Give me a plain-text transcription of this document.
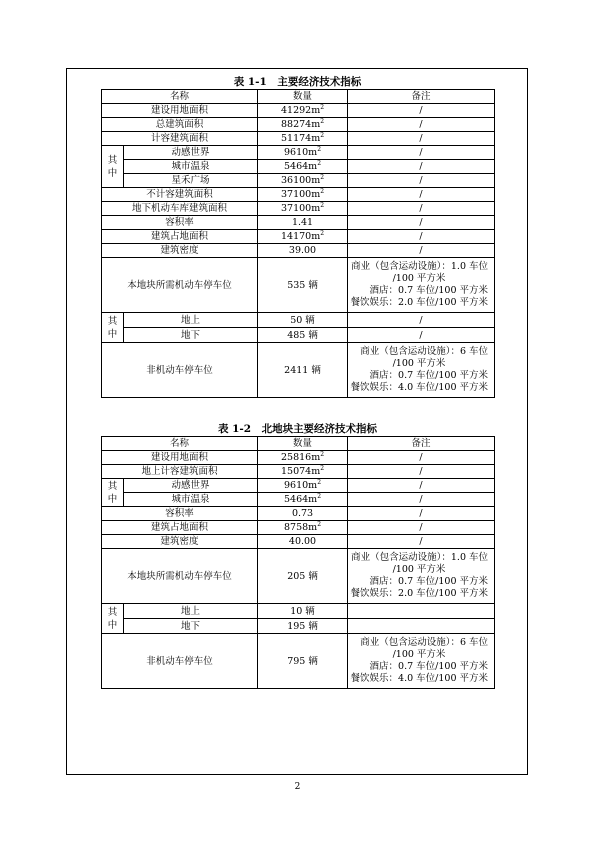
表 1-1　主要经济技术指标
名称		数量	备注
建设用地面积		$41292m^2$	/
总建筑面积		$88274m^2$	/
计容建筑面积		$51174m^2$	/
其
中	动感世界	$9610m^2$	/
	城市温泉	$5464m^2$	/
	星禾广场	$36100m^2$	/
不计容建筑面积		$37100m^2$	/
地下机动车库建筑面积		$37100m^2$	/
容积率		1.41	/
建筑占地面积		$14170m^2$	/
建筑密度		39.00	/
本地块所需机动车停车位		535 辆	商业（包含运动设施）：1.0 车位
/100 平方米
酒店：0.7 车位/100 平方米
餐饮娱乐：2.0 车位/100 平方米

其
中	地上	50 辆	/
	地下	485 辆	/
非机动车停车位		2411 辆	商业（包含运动设施）：6 车位
/100 平方米
酒店：0.7 车位/100 平方米
餐饮娱乐：4.0 车位/100 平方米
表 1-2　北地块主要经济技术指标
名称		数量	备注
建设用地面积		$25816m^2$	/
地上计容建筑面积		$15074m^2$	/
其
中	动感世界	$9610m^2$	/
	城市温泉	$5464m^2$	/
容积率		0.73	/
建筑占地面积		$8758m^2$	/
建筑密度		40.00	/
本地块所需机动车停车位		205 辆	商业（包含运动设施）：1.0 车位
/100 平方米
酒店：0.7 车位/100 平方米
餐饮娱乐：2.0 车位/100 平方米

其
中	地上	10 辆	
	地下	195 辆	
非机动车停车位		795 辆	商业（包含运动设施）：6 车位
/100 平方米
酒店：0.7 车位/100 平方米
餐饮娱乐：4.0 车位/100 平方米
2
